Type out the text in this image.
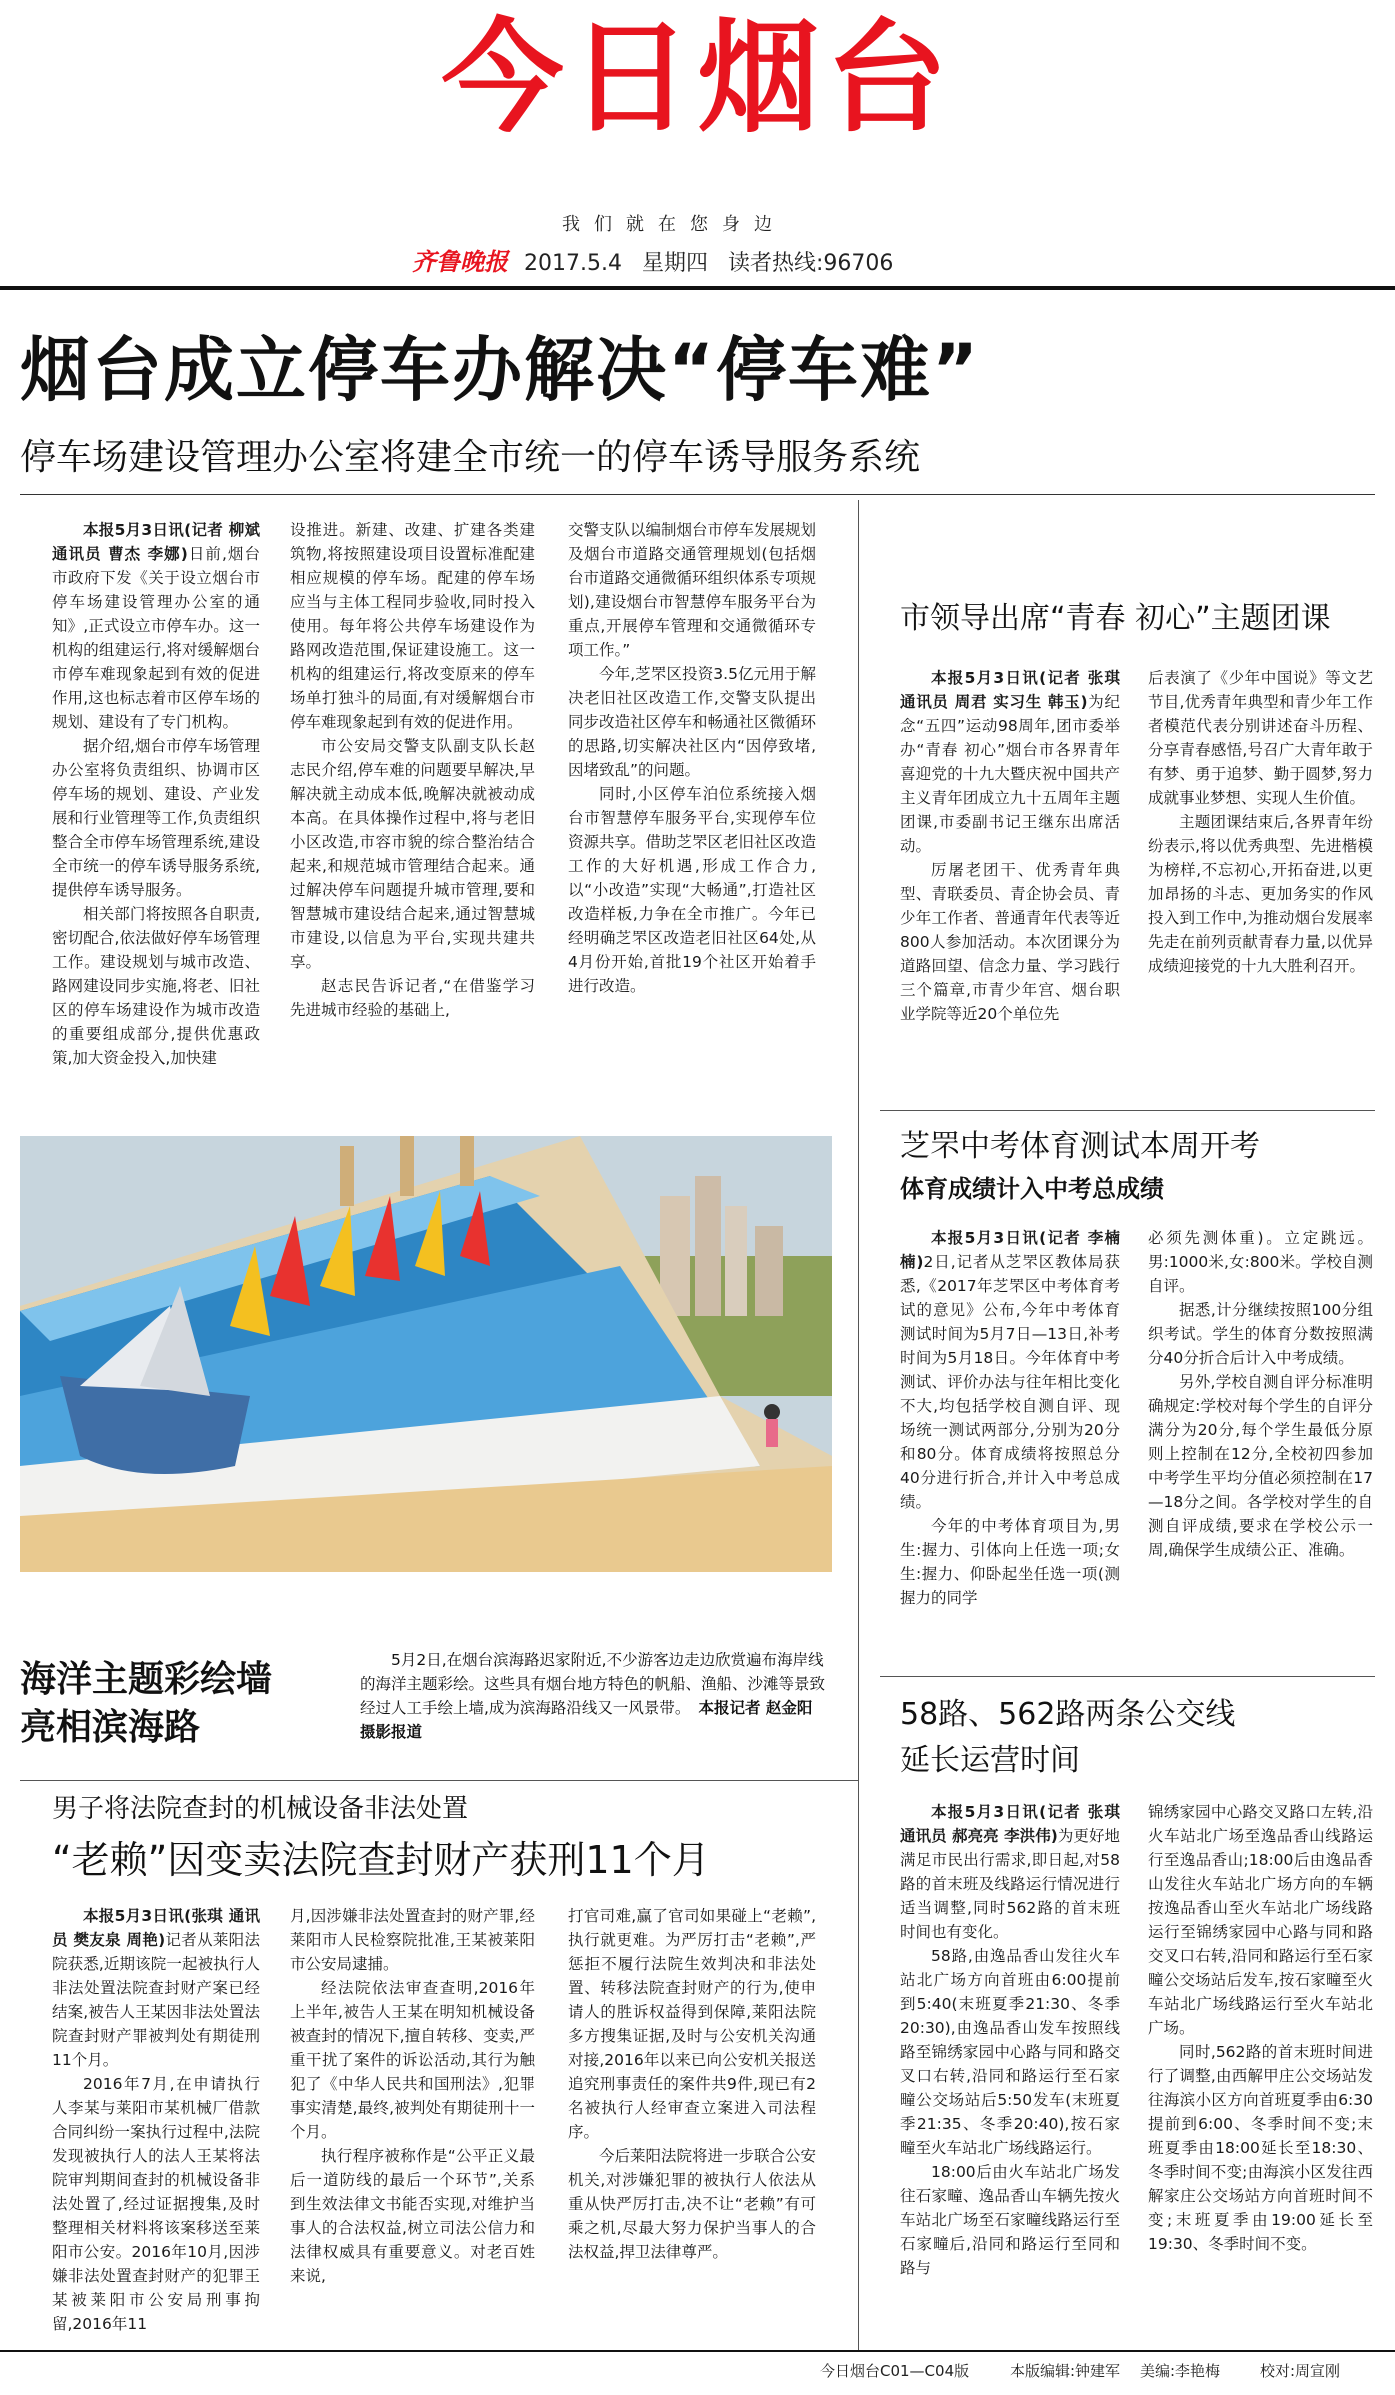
今日烟台
我们就在您身边
齐鲁晚报 2017.5.4 星期四 读者热线:96706
烟台成立停车办解决“停车难”
停车场建设管理办公室将建全市统一的停车诱导服务系统

本报5月3日讯(记者 柳斌 通讯员 曹杰 李娜)日前,烟台市政府下发《关于设立烟台市停车场建设管理办公室的通知》,正式设立市停车办。这一机构的组建运行,将对缓解烟台市停车难现象起到有效的促进作用,这也标志着市区停车场的规划、建设有了专门机构。

据介绍,烟台市停车场管理办公室将负责组织、协调市区停车场的规划、建设、产业发展和行业管理等工作,负责组织整合全市停车场管理系统,建设全市统一的停车诱导服务系统,提供停车诱导服务。

相关部门将按照各自职责,密切配合,依法做好停车场管理工作。建设规划与城市改造、路网建设同步实施,将老、旧社区的停车场建设作为城市改造的重要组成部分,提供优惠政策,加大资金投入,加快建

设推进。新建、改建、扩建各类建筑物,将按照建设项目设置标准配建相应规模的停车场。配建的停车场应当与主体工程同步验收,同时投入使用。每年将公共停车场建设作为路网改造范围,保证建设施工。这一机构的组建运行,将改变原来的停车场单打独斗的局面,有对缓解烟台市停车难现象起到有效的促进作用。

市公安局交警支队副支队长赵志民介绍,停车难的问题要早解决,早解决就主动成本低,晚解决就被动成本高。在具体操作过程中,将与老旧小区改造,市容市貌的综合整治结合起来,和规范城市管理结合起来。通过解决停车问题提升城市管理,要和智慧城市建设结合起来,通过智慧城市建设,以信息为平台,实现共建共享。

赵志民告诉记者,“在借鉴学习先进城市经验的基础上,

交警支队以编制烟台市停车发展规划及烟台市道路交通管理规划(包括烟台市道路交通微循环组织体系专项规划),建设烟台市智慧停车服务平台为重点,开展停车管理和交通微循环专项工作。”

今年,芝罘区投资3.5亿元用于解决老旧社区改造工作,交警支队提出同步改造社区停车和畅通社区微循环的思路,切实解决社区内“因停致堵,因堵致乱”的问题。

同时,小区停车泊位系统接入烟台市智慧停车服务平台,实现停车位资源共享。借助芝罘区老旧社区改造工作的大好机遇,形成工作合力,以“小改造”实现“大畅通”,打造社区改造样板,力争在全市推广。今年已经明确芝罘区改造老旧社区64处,从4月份开始,首批19个社区开始着手进行改造。

市领导出席“青春 初心”主题团课

本报5月3日讯(记者 张琪 通讯员 周君 实习生 韩玉)为纪念“五四”运动98周年,团市委举办“青春 初心”烟台市各界青年喜迎党的十九大暨庆祝中国共产主义青年团成立九十五周年主题团课,市委副书记王继东出席活动。

厉屠老团干、优秀青年典型、青联委员、青企协会员、青少年工作者、普通青年代表等近800人参加活动。本次团课分为道路回望、信念力量、学习践行三个篇章,市青少年宫、烟台职业学院等近20个单位先

后表演了《少年中国说》等文艺节目,优秀青年典型和青少年工作者模范代表分别讲述奋斗历程、分享青春感悟,号召广大青年敢于有梦、勇于追梦、勤于圆梦,努力成就事业梦想、实现人生价值。

主题团课结束后,各界青年纷纷表示,将以优秀典型、先进楷模为榜样,不忘初心,开拓奋进,以更加昂扬的斗志、更加务实的作风投入到工作中,为推动烟台发展率先走在前列贡献青春力量,以优异成绩迎接党的十九大胜利召开。

芝罘中考体育测试本周开考
体育成绩计入中考总成绩

本报5月3日讯(记者 李楠楠)2日,记者从芝罘区教体局获悉,《2017年芝罘区中考体育考试的意见》公布,今年中考体育测试时间为5月7日—13日,补考时间为5月18日。今年体育中考测试、评价办法与往年相比变化不大,均包括学校自测自评、现场统一测试两部分,分别为20分和80分。体育成绩将按照总分40分进行折合,并计入中考总成绩。

今年的中考体育项目为,男生:握力、引体向上任选一项;女生:握力、仰卧起坐任选一项(测握力的同学

必须先测体重)。立定跳远。男:1000米,女:800米。学校自测自评。

据悉,计分继续按照100分组织考试。学生的体育分数按照满分40分折合后计入中考成绩。

另外,学校自测自评分标准明确规定:学校对每个学生的自评分满分为20分,每个学生最低分原则上控制在12分,全校初四参加中考学生平均分值必须控制在17—18分之间。各学校对学生的自测自评成绩,要求在学校公示一周,确保学生成绩公正、准确。

海洋主题彩绘墙
亮相滨海路
5月2日,在烟台滨海路迟家附近,不少游客边走边欣赏遍布海岸线的海洋主题彩绘。这些具有烟台地方特色的帆船、渔船、沙滩等景致经过人工手绘上墙,成为滨海路沿线又一风景带。 本报记者 赵金阳 摄影报道
男子将法院查封的机械设备非法处置
“老赖”因变卖法院查封财产获刑11个月

本报5月3日讯(张琪 通讯员 樊友泉 周艳)记者从莱阳法院获悉,近期该院一起被执行人非法处置法院查封财产案已经结案,被告人王某因非法处置法院查封财产罪被判处有期徒刑11个月。

2016年7月,在申请执行人李某与莱阳市某机械厂借款合同纠纷一案执行过程中,法院发现被执行人的法人王某将法院审判期间查封的机械设备非法处置了,经过证据搜集,及时整理相关材料将该案移送至莱阳市公安。2016年10月,因涉嫌非法处置查封财产的犯罪王某被莱阳市公安局刑事拘留,2016年11

月,因涉嫌非法处置查封的财产罪,经莱阳市人民检察院批准,王某被莱阳市公安局逮捕。

经法院依法审查查明,2016年上半年,被告人王某在明知机械设备被查封的情况下,擅自转移、变卖,严重干扰了案件的诉讼活动,其行为触犯了《中华人民共和国刑法》,犯罪事实清楚,最终,被判处有期徒刑十一个月。

执行程序被称作是“公平正义最后一道防线的最后一个环节”,关系到生效法律文书能否实现,对维护当事人的合法权益,树立司法公信力和法律权威具有重要意义。对老百姓来说,

打官司难,赢了官司如果碰上“老赖”,执行就更难。为严厉打击“老赖”,严惩拒不履行法院生效判决和非法处置、转移法院查封财产的行为,使申请人的胜诉权益得到保障,莱阳法院多方搜集证据,及时与公安机关沟通对接,2016年以来已向公安机关报送追究刑事责任的案件共9件,现已有2名被执行人经审查立案进入司法程序。

今后莱阳法院将进一步联合公安机关,对涉嫌犯罪的被执行人依法从重从快严厉打击,决不让“老赖”有可乘之机,尽最大努力保护当事人的合法权益,捍卫法律尊严。

58路、562路两条公交线
延长运营时间

本报5月3日讯(记者 张琪 通讯员 郝亮亮 李洪伟)为更好地满足市民出行需求,即日起,对58路的首末班及线路运行情况进行适当调整,同时562路的首末班时间也有变化。

58路,由逸品香山发往火车站北广场方向首班由6:00提前到5:40(末班夏季21:30、冬季20:30),由逸品香山发车按照线路至锦绣家园中心路与同和路交叉口右转,沿同和路运行至石家疃公交场站后5:50发车(末班夏季21:35、冬季20:40),按石家疃至火车站北广场线路运行。

18:00后由火车站北广场发往石家疃、逸品香山车辆先按火车站北广场至石家疃线路运行至石家疃后,沿同和路运行至同和路与

锦绣家园中心路交叉路口左转,沿火车站北广场至逸品香山线路运行至逸品香山;18:00后由逸品香山发往火车站北广场方向的车辆按逸品香山至火车站北广场线路运行至锦绣家园中心路与同和路交叉口右转,沿同和路运行至石家疃公交场站后发车,按石家疃至火车站北广场线路运行至火车站北广场。

同时,562路的首末班时间进行了调整,由西解甲庄公交场站发往海滨小区方向首班夏季由6:30提前到6:00、冬季时间不变;末班夏季由18:00延长至18:30、冬季时间不变;由海滨小区发往西解家庄公交场站方向首班时间不变;末班夏季由19:00延长至19:30、冬季时间不变。

今日烟台C01—C04版	本版编辑:钟建军 美编:李艳梅	校对:周宣刚
